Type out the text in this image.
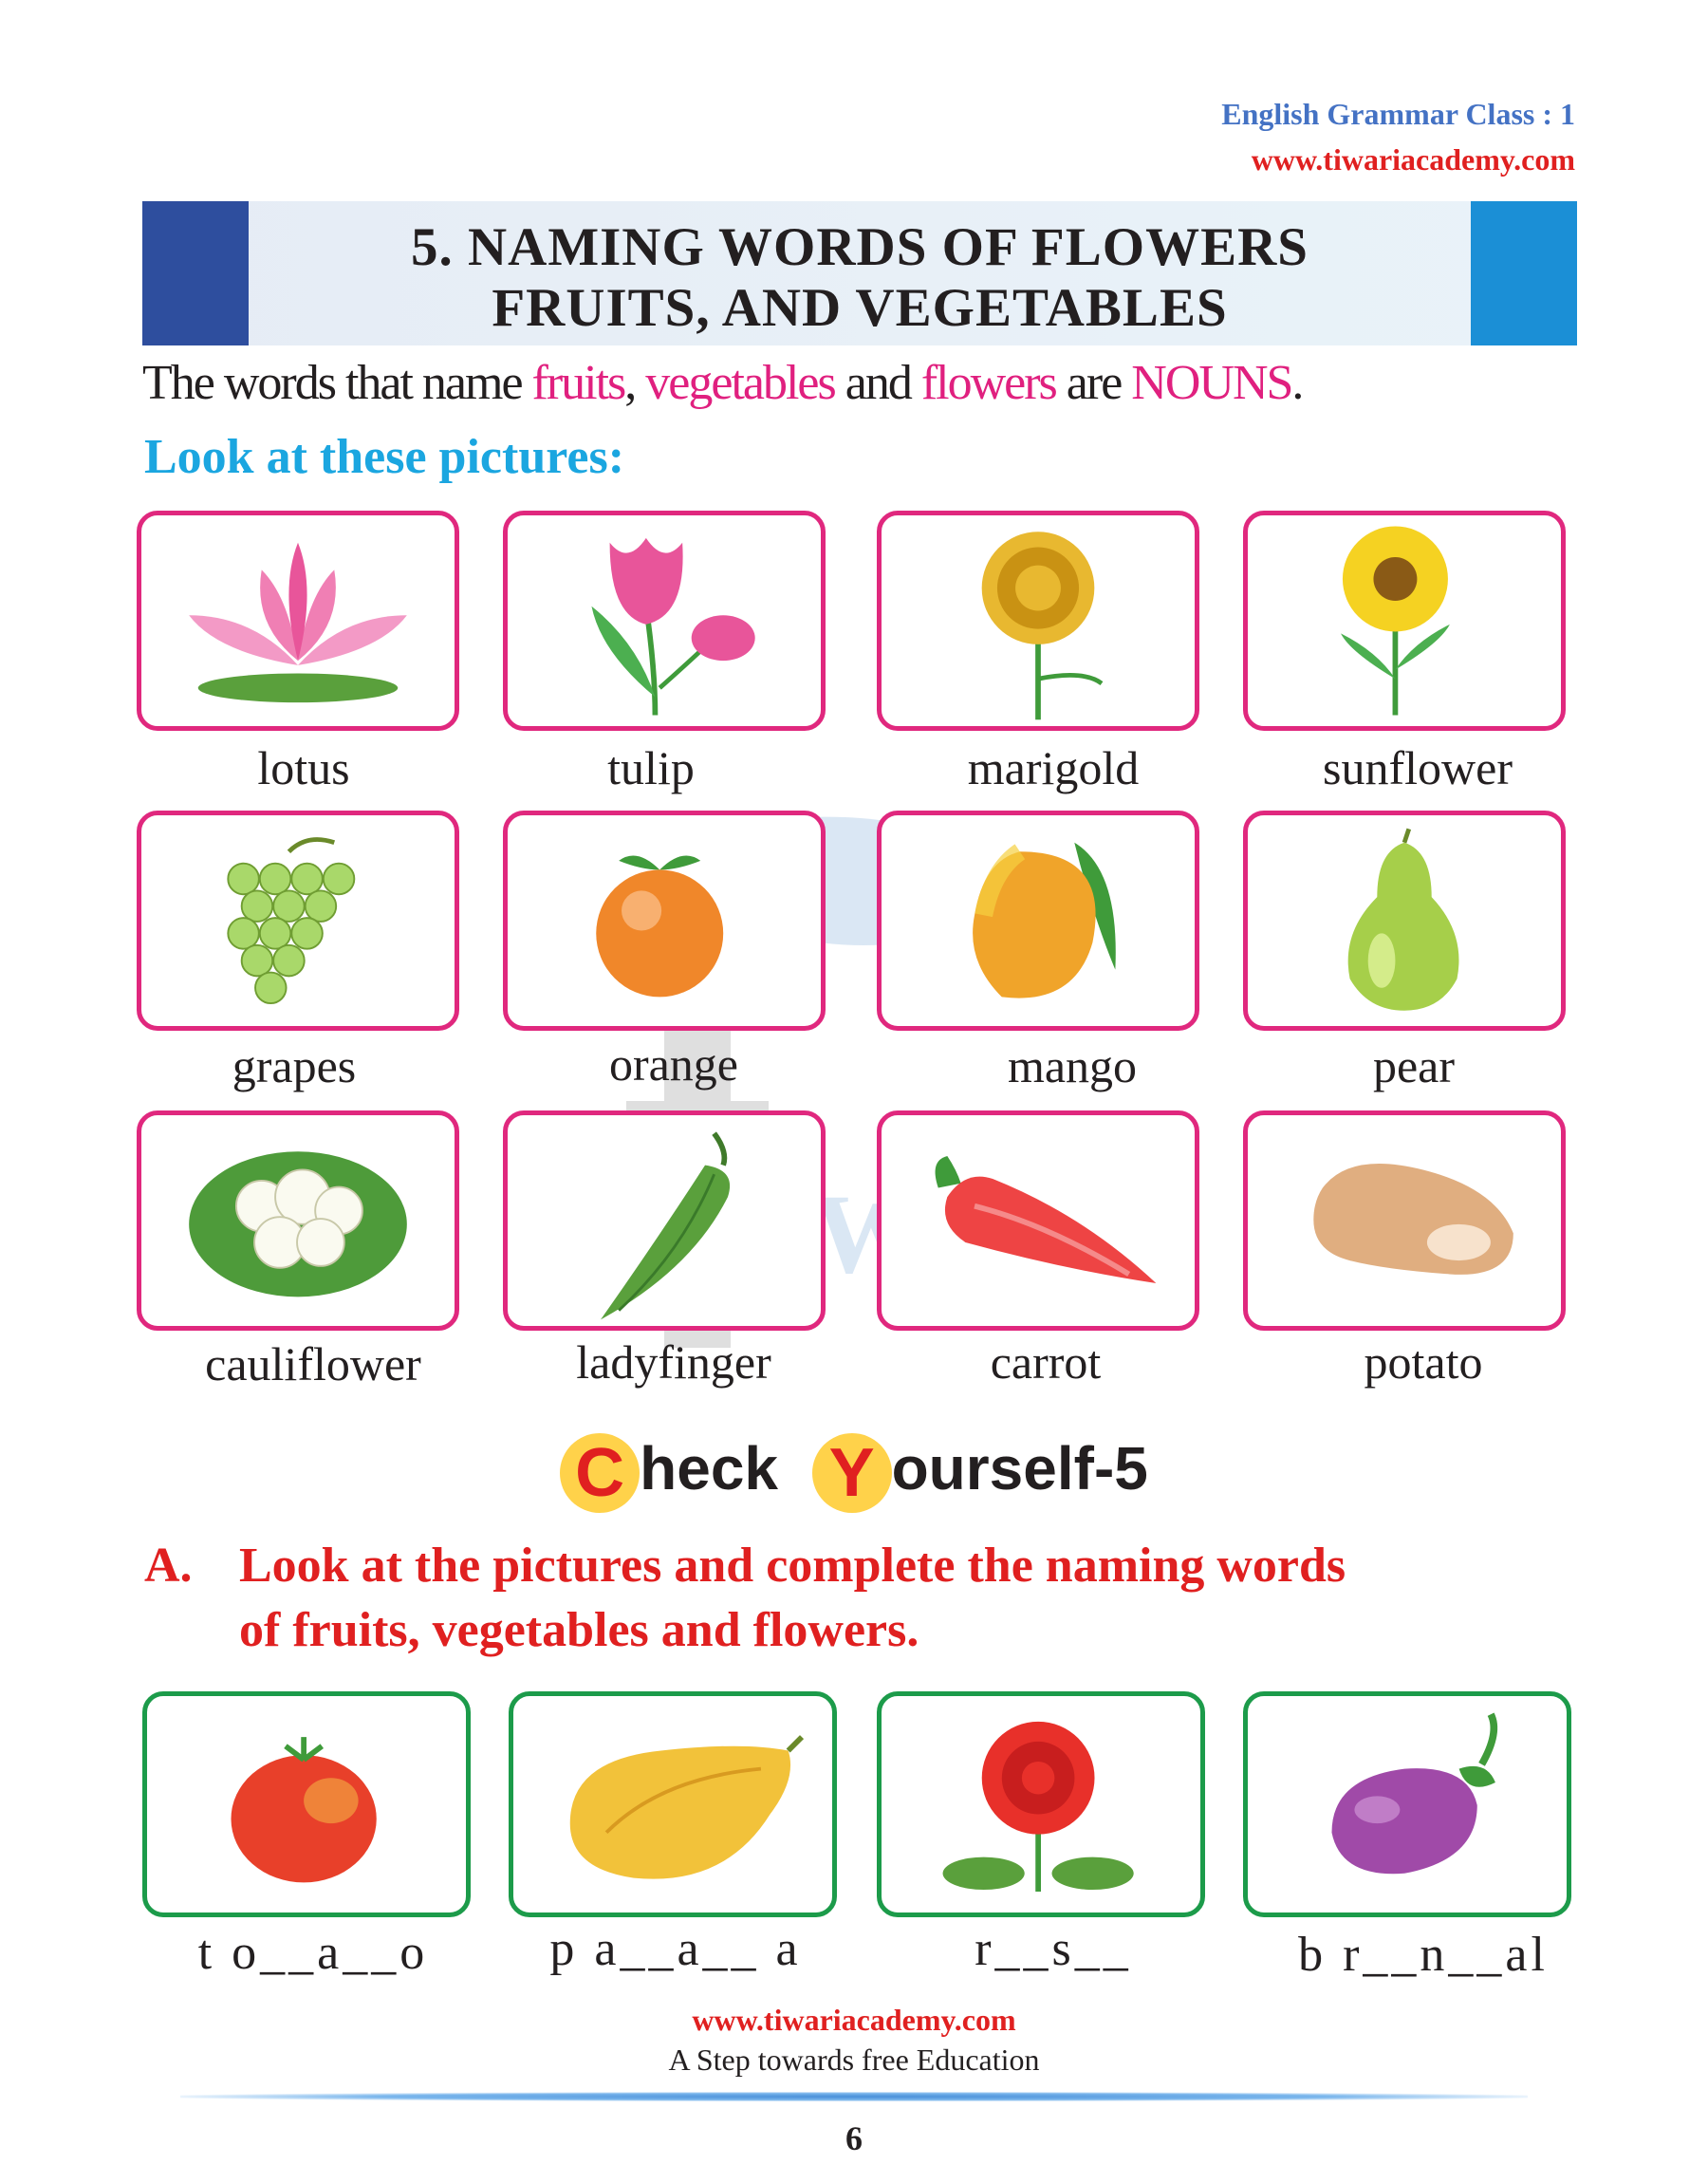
English Grammar Class : 1
www.tiwariacademy.com
5. NAMING WORDS OF FLOWERS
FRUITS, AND VEGETABLES
The words that name fruits, vegetables and flowers are NOUNS.
Look at these pictures:
lotus	tulip	marigold	sunflower
grapes	orange	mango	pear
cauliflower	ladyfinger	carrot	potato
C heck Y ourself-5
A. Look at the pictures and complete the naming words
of fruits, vegetables and flowers.
t o__a__o	p a__a__ a	r__s__	b r__n__al
www.tiwariacademy.com
A Step towards free Education
6
